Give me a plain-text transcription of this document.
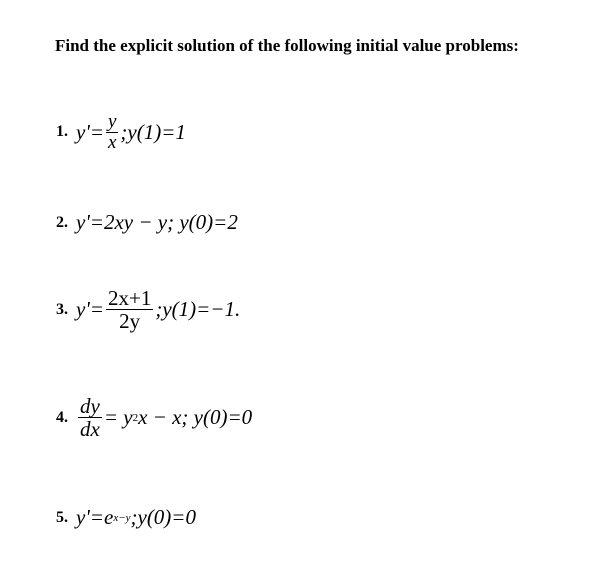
Find the explicit solution of the following initial value problems:
1. $y'= \frac{y}{x}$ ;y(1)=1
2. y'=2xy − y; y(0)=2
3. $y'= \frac{2x+1}{2y}$ ;y(1)=−1.
4. $\frac{dy}{dx} = y$ 2 x − x; y(0)=0
5. y'=e x−y ;y(0)=0
